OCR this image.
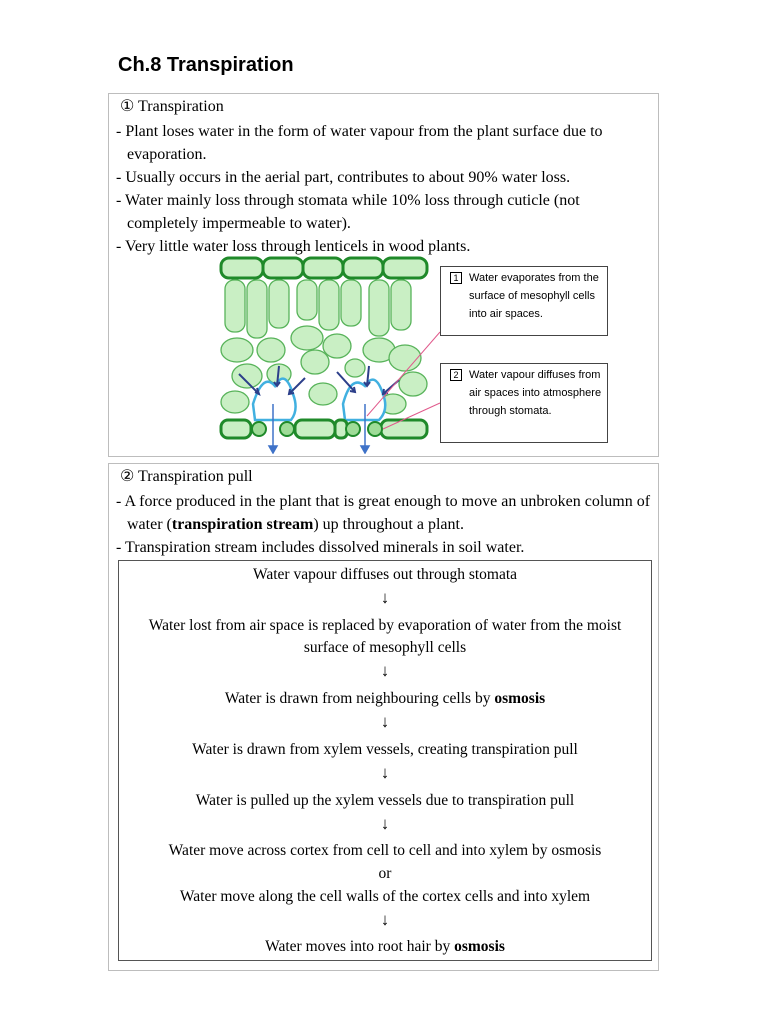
Ch.8 Transpiration
① Transpiration
- Plant loses water in the form of water vapour from the plant surface due to evaporation.
- Usually occurs in the aerial part, contributes to about 90% water loss.
- Water mainly loss through stomata while 10% loss through cuticle (not completely impermeable to water).
- Very little water loss through lenticels in wood plants.
1 Water evaporates from the surface of mesophyll cells into air spaces.
2 Water vapour diffuses from air spaces into atmosphere through stomata.
② Transpiration pull
- A force produced in the plant that is great enough to move an unbroken column of water (transpiration stream) up throughout a plant.
- Transpiration stream includes dissolved minerals in soil water.
Water vapour diffuses out through stomata
↓
Water lost from air space is replaced by evaporation of water from the moist surface of mesophyll cells
↓
Water is drawn from neighbouring cells by osmosis
↓
Water is drawn from xylem vessels, creating transpiration pull
↓
Water is pulled up the xylem vessels due to transpiration pull
↓
Water move across cortex from cell to cell and into xylem by osmosis
or
Water move along the cell walls of the cortex cells and into xylem
↓
Water moves into root hair by osmosis
